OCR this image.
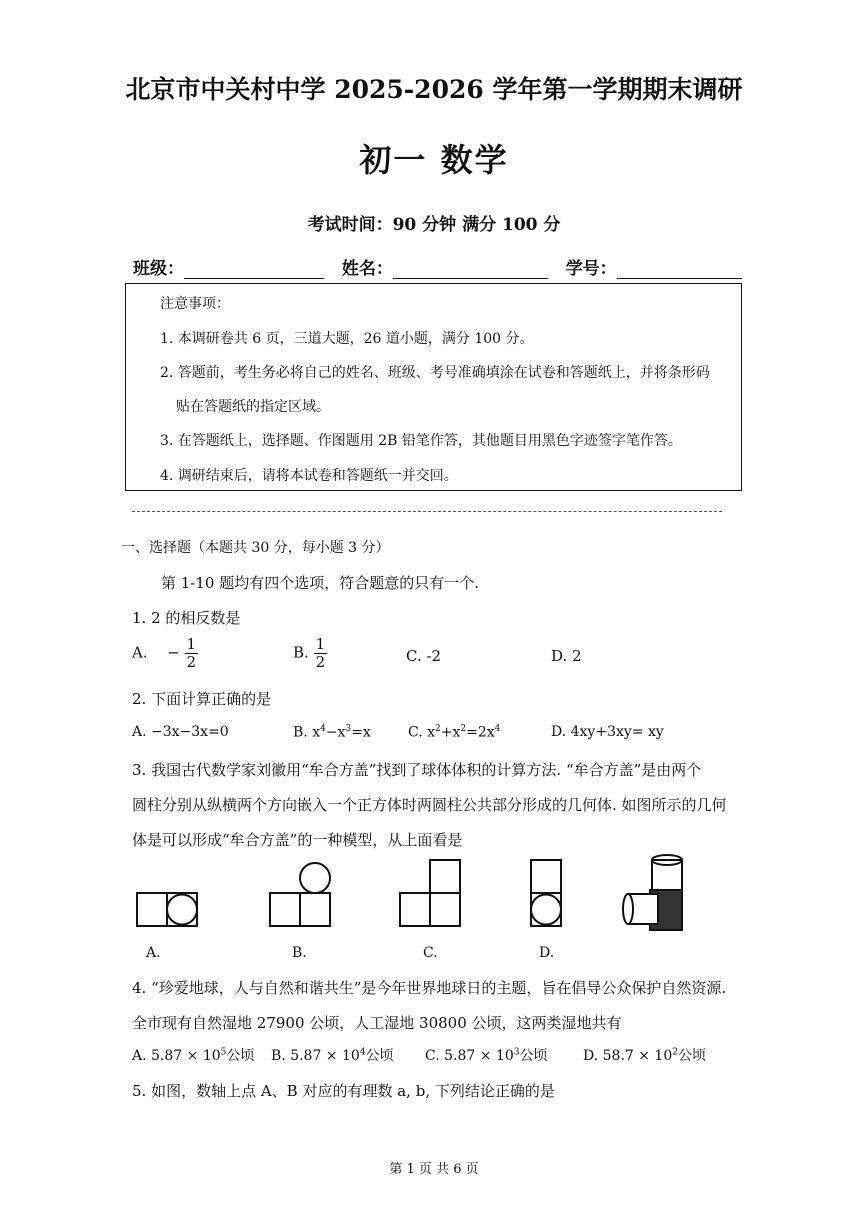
北京市中关村中学 2025-2026 学年第一学期期末调研
初一 数学
考试时间：90 分钟 满分 100 分
班级：	姓名：	学号：
注意事项：
1. 本调研卷共 6 页，三道大题，26 道小题，满分 100 分。
2. 答题前，考生务必将自己的姓名、班级、考号准确填涂在试卷和答题纸上，并将条形码
贴在答题纸的指定区域。
3. 在答题纸上，选择题、作图题用 2B 铅笔作答，其他题目用黑色字迹签字笔作答。
4. 调研结束后，请将本试卷和答题纸一并交回。
一、选择题（本题共 30 分，每小题 3 分）
第 1-10 题均有四个选项，符合题意的只有一个.
1. 2 的相反数是
A. − $\frac{1}{2}$	B. $\frac{1}{2}$	C. -2	D. 2
2. 下面计算正确的是
A. −3x−3x=0	B. $x^4-x^3=x$	C. $x^2+x^2=2x^4$	D. 4xy+3xy= xy
3. 我国古代数学家刘徽用“牟合方盖”找到了球体体积的计算方法. “牟合方盖”是由两个
圆柱分别从纵横两个方向嵌入一个正方体时两圆柱公共部分形成的几何体. 如图所示的几何
体是可以形成“牟合方盖”的一种模型，从上面看是
A.	B.	C.	D.
4. “珍爱地球，人与自然和谐共生”是今年世界地球日的主题，旨在倡导公众保护自然资源.
全市现有自然湿地 27900 公顷，人工湿地 30800 公顷，这两类湿地共有
A. $5.87 \times 10^5$公顷 B. $5.87 \times 10^4$公顷 C. $5.87 \times 10^3$公顷	D. $58.7 \times 10^2$公顷
5. 如图，数轴上点 A、B 对应的有理数 a, b, 下列结论正确的是
第 1 页 共 6 页
